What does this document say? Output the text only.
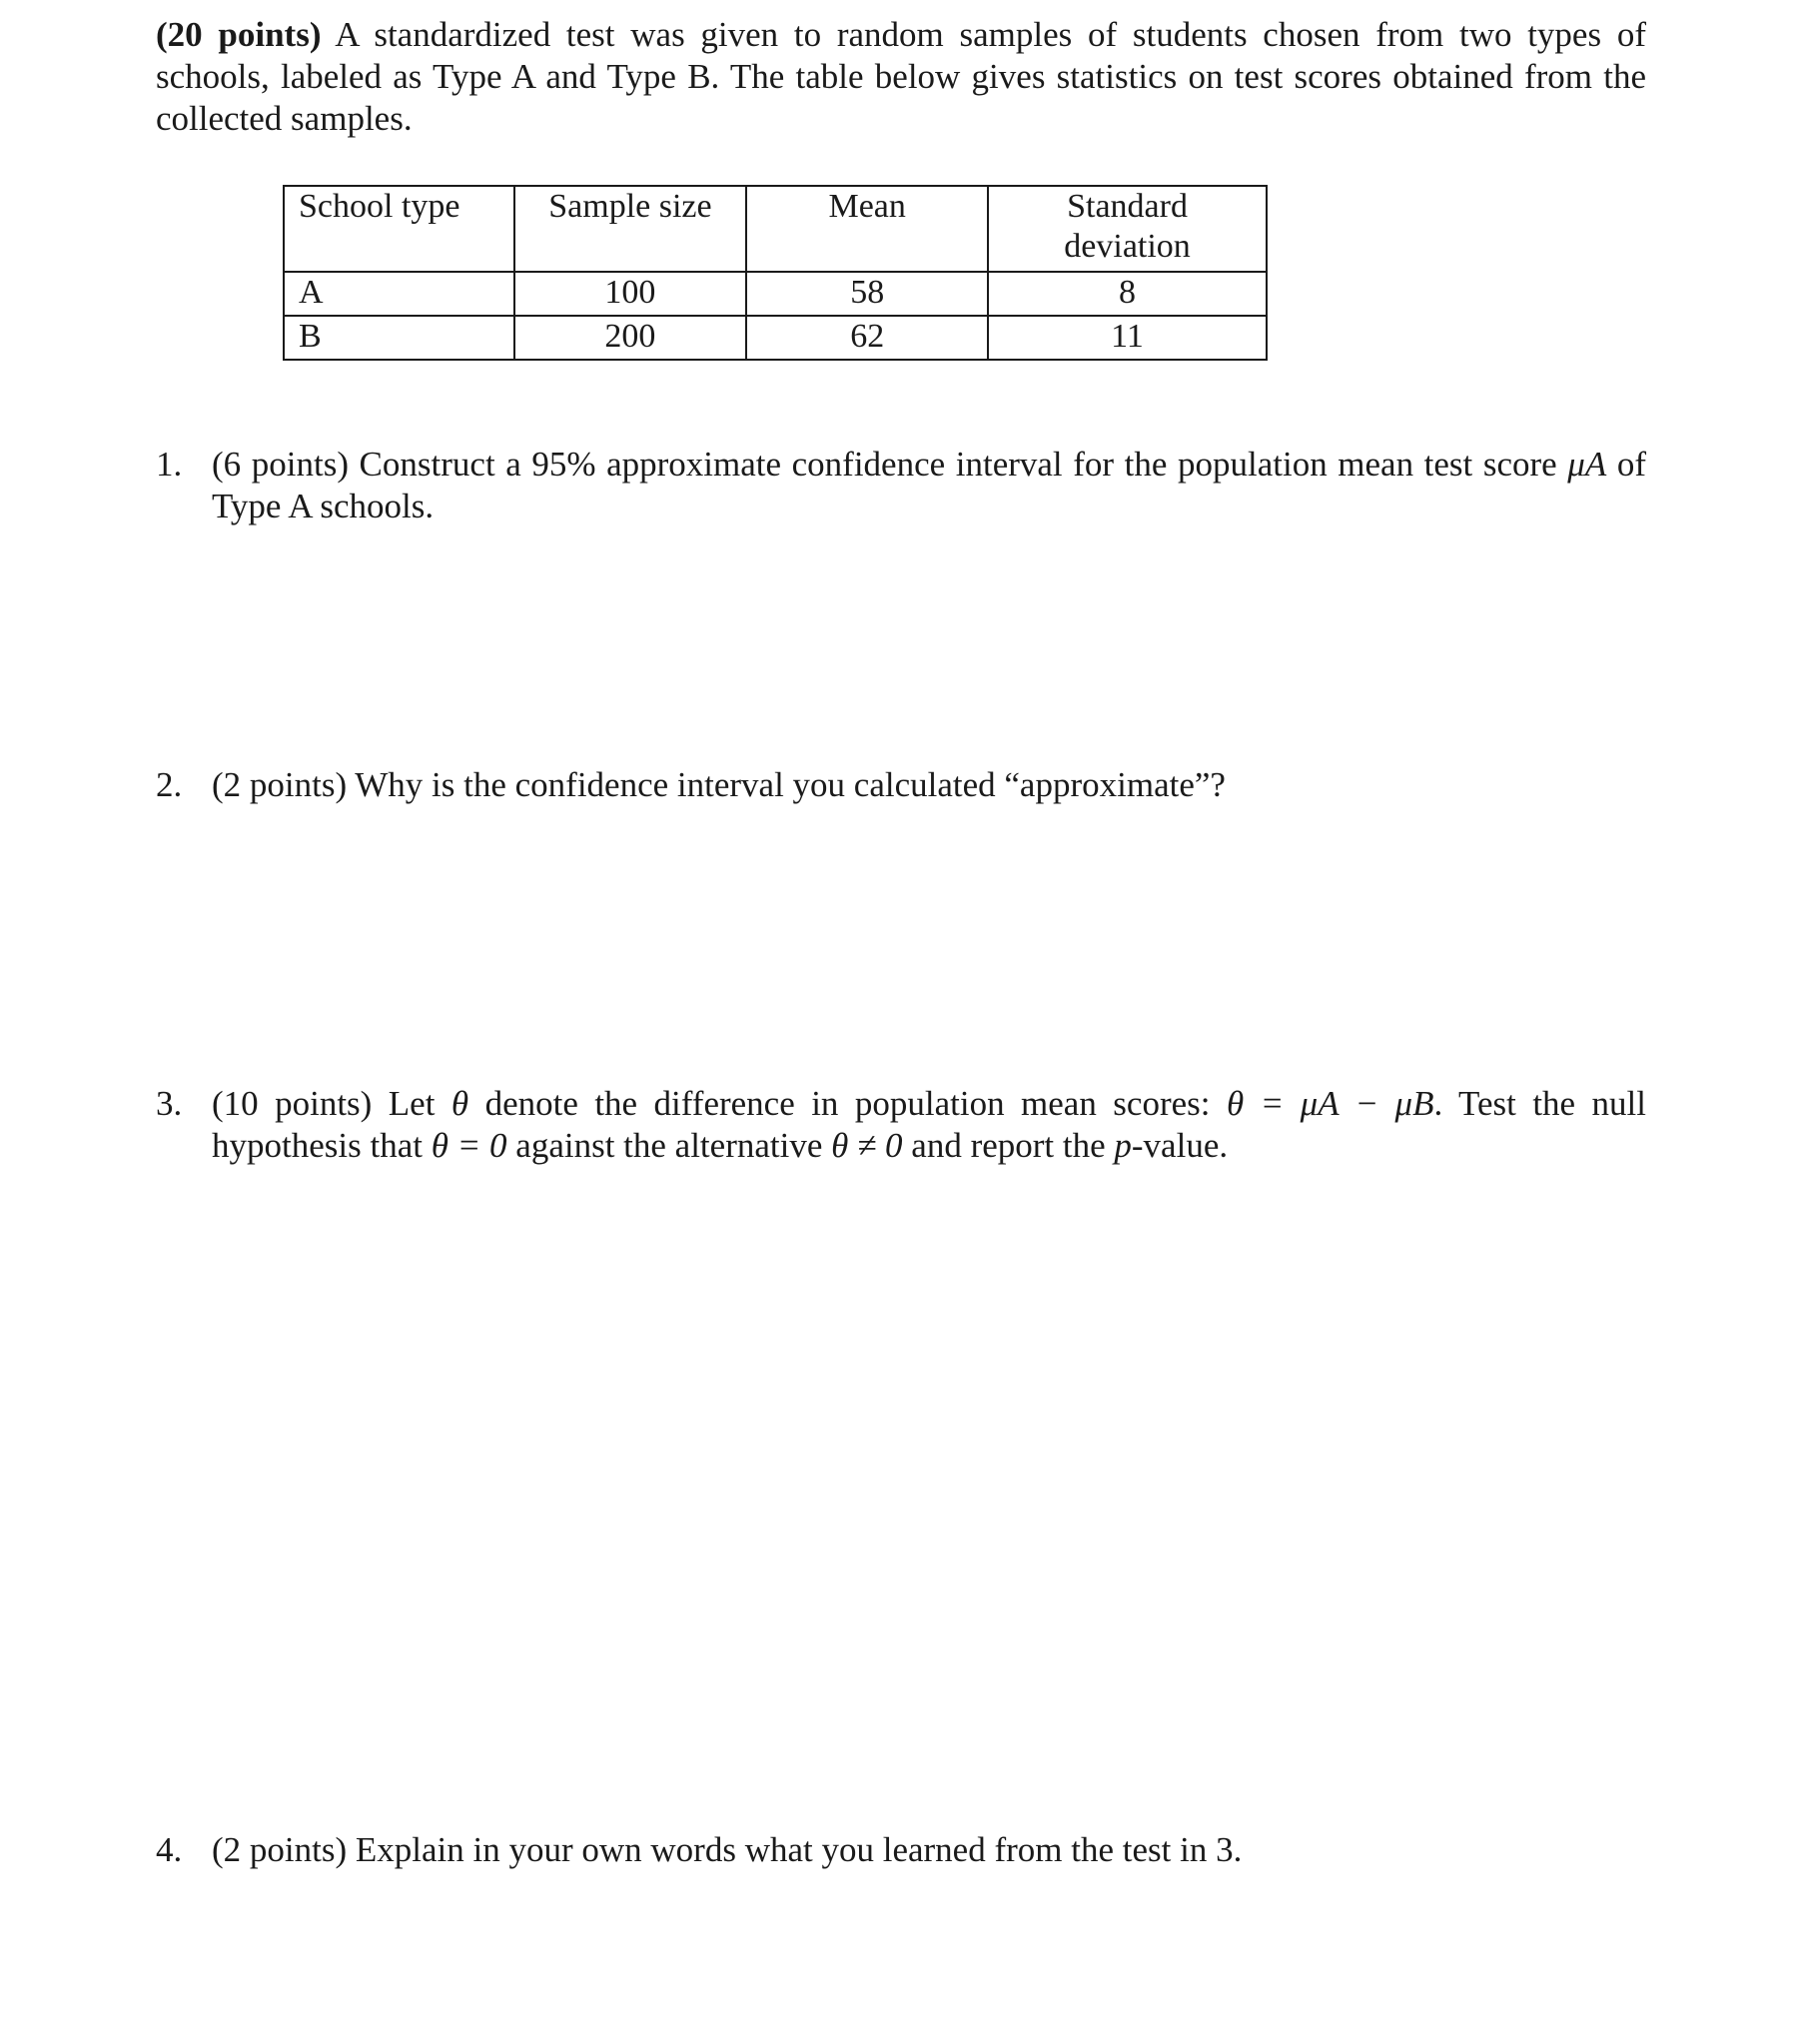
(20 points) A standardized test was given to random samples of students chosen from two types of schools, labeled as Type A and Type B. The table below gives statistics on test scores obtained from the collected samples.

School type	Sample size	Mean	Standard deviation
A	100	58	8
B	200	62	11
1. (6 points) Construct a 95% approximate confidence interval for the population mean test score μA of Type A schools.
2. (2 points) Why is the confidence interval you calculated “approximate”?
3. (10 points) Let θ denote the difference in population mean scores: θ = μA − μB. Test the null hypothesis that θ = 0 against the alternative θ ≠ 0 and report the p-value.
4. (2 points) Explain in your own words what you learned from the test in 3.
